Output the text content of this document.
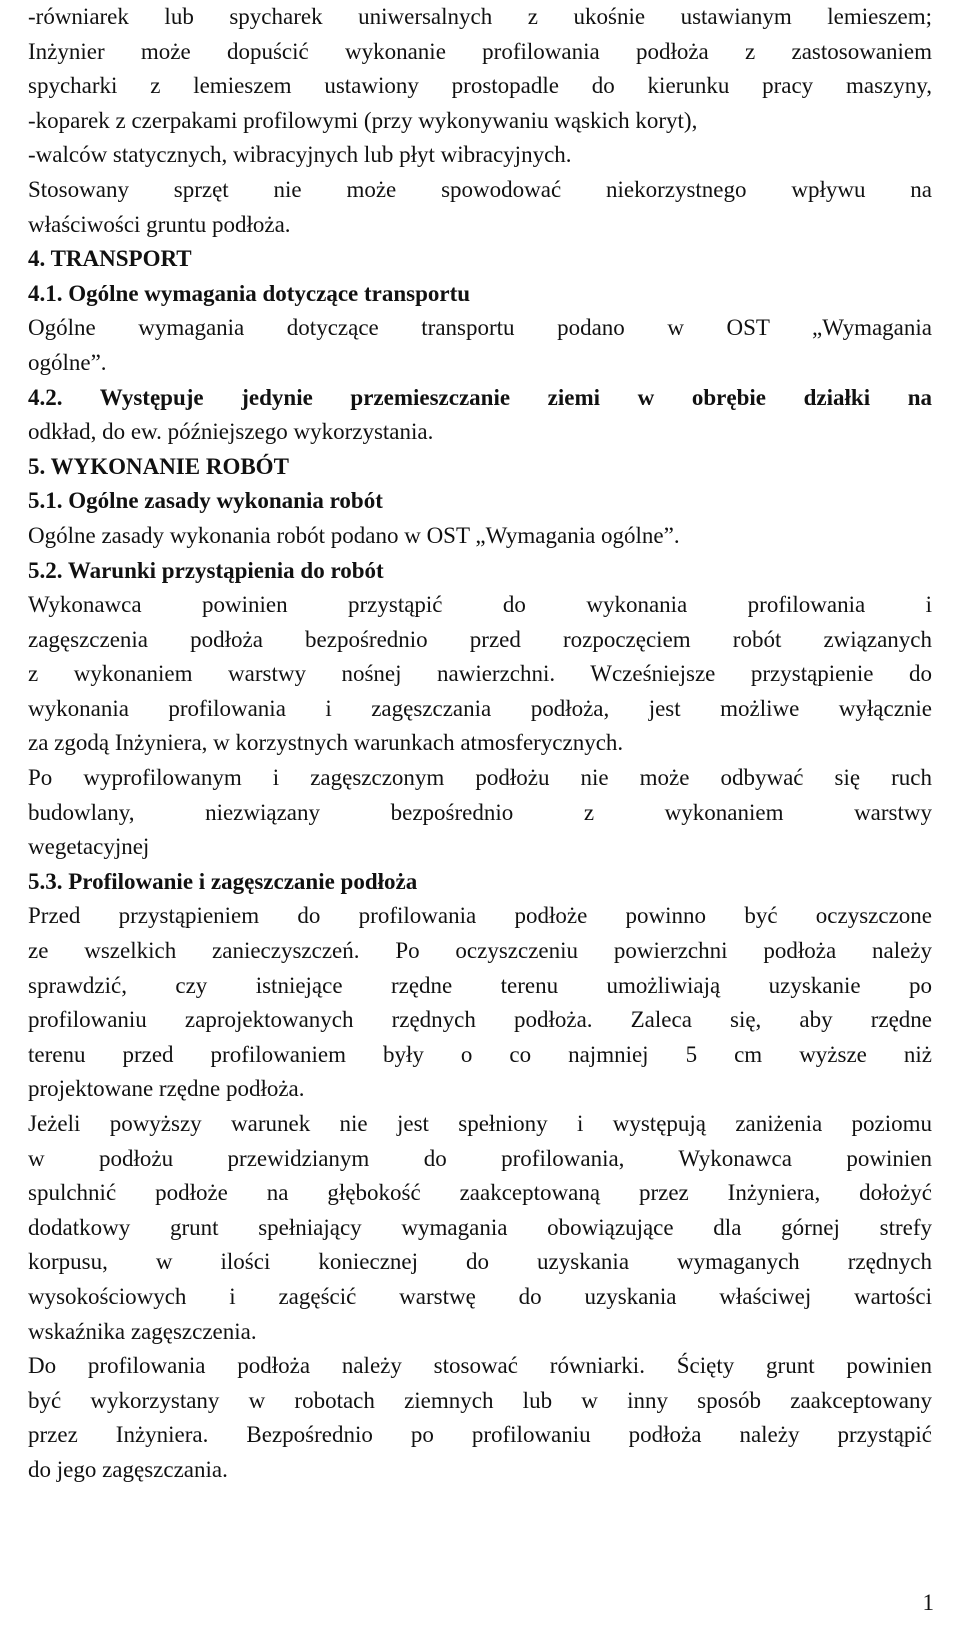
-równiarek lub spycharek uniwersalnych z ukośnie ustawianym lemieszem;
Inżynier może dopuścić wykonanie profilowania podłoża z zastosowaniem
spycharki z lemieszem ustawiony prostopadle do kierunku pracy maszyny,
-koparek z czerpakami profilowymi (przy wykonywaniu wąskich koryt),
-walców statycznych, wibracyjnych lub płyt wibracyjnych.
Stosowany sprzęt nie może spowodować niekorzystnego wpływu na
właściwości gruntu podłoża.
4. TRANSPORT
4.1. Ogólne wymagania dotyczące transportu
Ogólne wymagania dotyczące transportu podano w OST „Wymagania
ogólne”.
4.2. Występuje jedynie przemieszczanie ziemi w obrębie działki na
odkład, do ew. późniejszego wykorzystania.
5. WYKONANIE ROBÓT
5.1. Ogólne zasady wykonania robót
Ogólne zasady wykonania robót podano w OST „Wymagania ogólne”.
5.2. Warunki przystąpienia do robót
Wykonawca powinien przystąpić do wykonania profilowania i
zagęszczenia podłoża bezpośrednio przed rozpoczęciem robót związanych
z wykonaniem warstwy nośnej nawierzchni. Wcześniejsze przystąpienie do
wykonania profilowania i zagęszczania podłoża, jest możliwe wyłącznie
za zgodą Inżyniera, w korzystnych warunkach atmosferycznych.
Po wyprofilowanym i zagęszczonym podłożu nie może odbywać się ruch
budowlany, niezwiązany bezpośrednio z wykonaniem warstwy
wegetacyjnej
5.3. Profilowanie i zagęszczanie podłoża
Przed przystąpieniem do profilowania podłoże powinno być oczyszczone
ze wszelkich zanieczyszczeń. Po oczyszczeniu powierzchni podłoża należy
sprawdzić, czy istniejące rzędne terenu umożliwiają uzyskanie po
profilowaniu zaprojektowanych rzędnych podłoża. Zaleca się, aby rzędne
terenu przed profilowaniem były o co najmniej 5 cm wyższe niż
projektowane rzędne podłoża.
Jeżeli powyższy warunek nie jest spełniony i występują zaniżenia poziomu
w podłożu przewidzianym do profilowania, Wykonawca powinien
spulchnić podłoże na głębokość zaakceptowaną przez Inżyniera, dołożyć
dodatkowy grunt spełniający wymagania obowiązujące dla górnej strefy
korpusu, w ilości koniecznej do uzyskania wymaganych rzędnych
wysokościowych i zagęścić warstwę do uzyskania właściwej wartości
wskaźnika zagęszczenia.
Do profilowania podłoża należy stosować równiarki. Ścięty grunt powinien
być wykorzystany w robotach ziemnych lub w inny sposób zaakceptowany
przez Inżyniera. Bezpośrednio po profilowaniu podłoża należy przystąpić
do jego zagęszczania.
1
